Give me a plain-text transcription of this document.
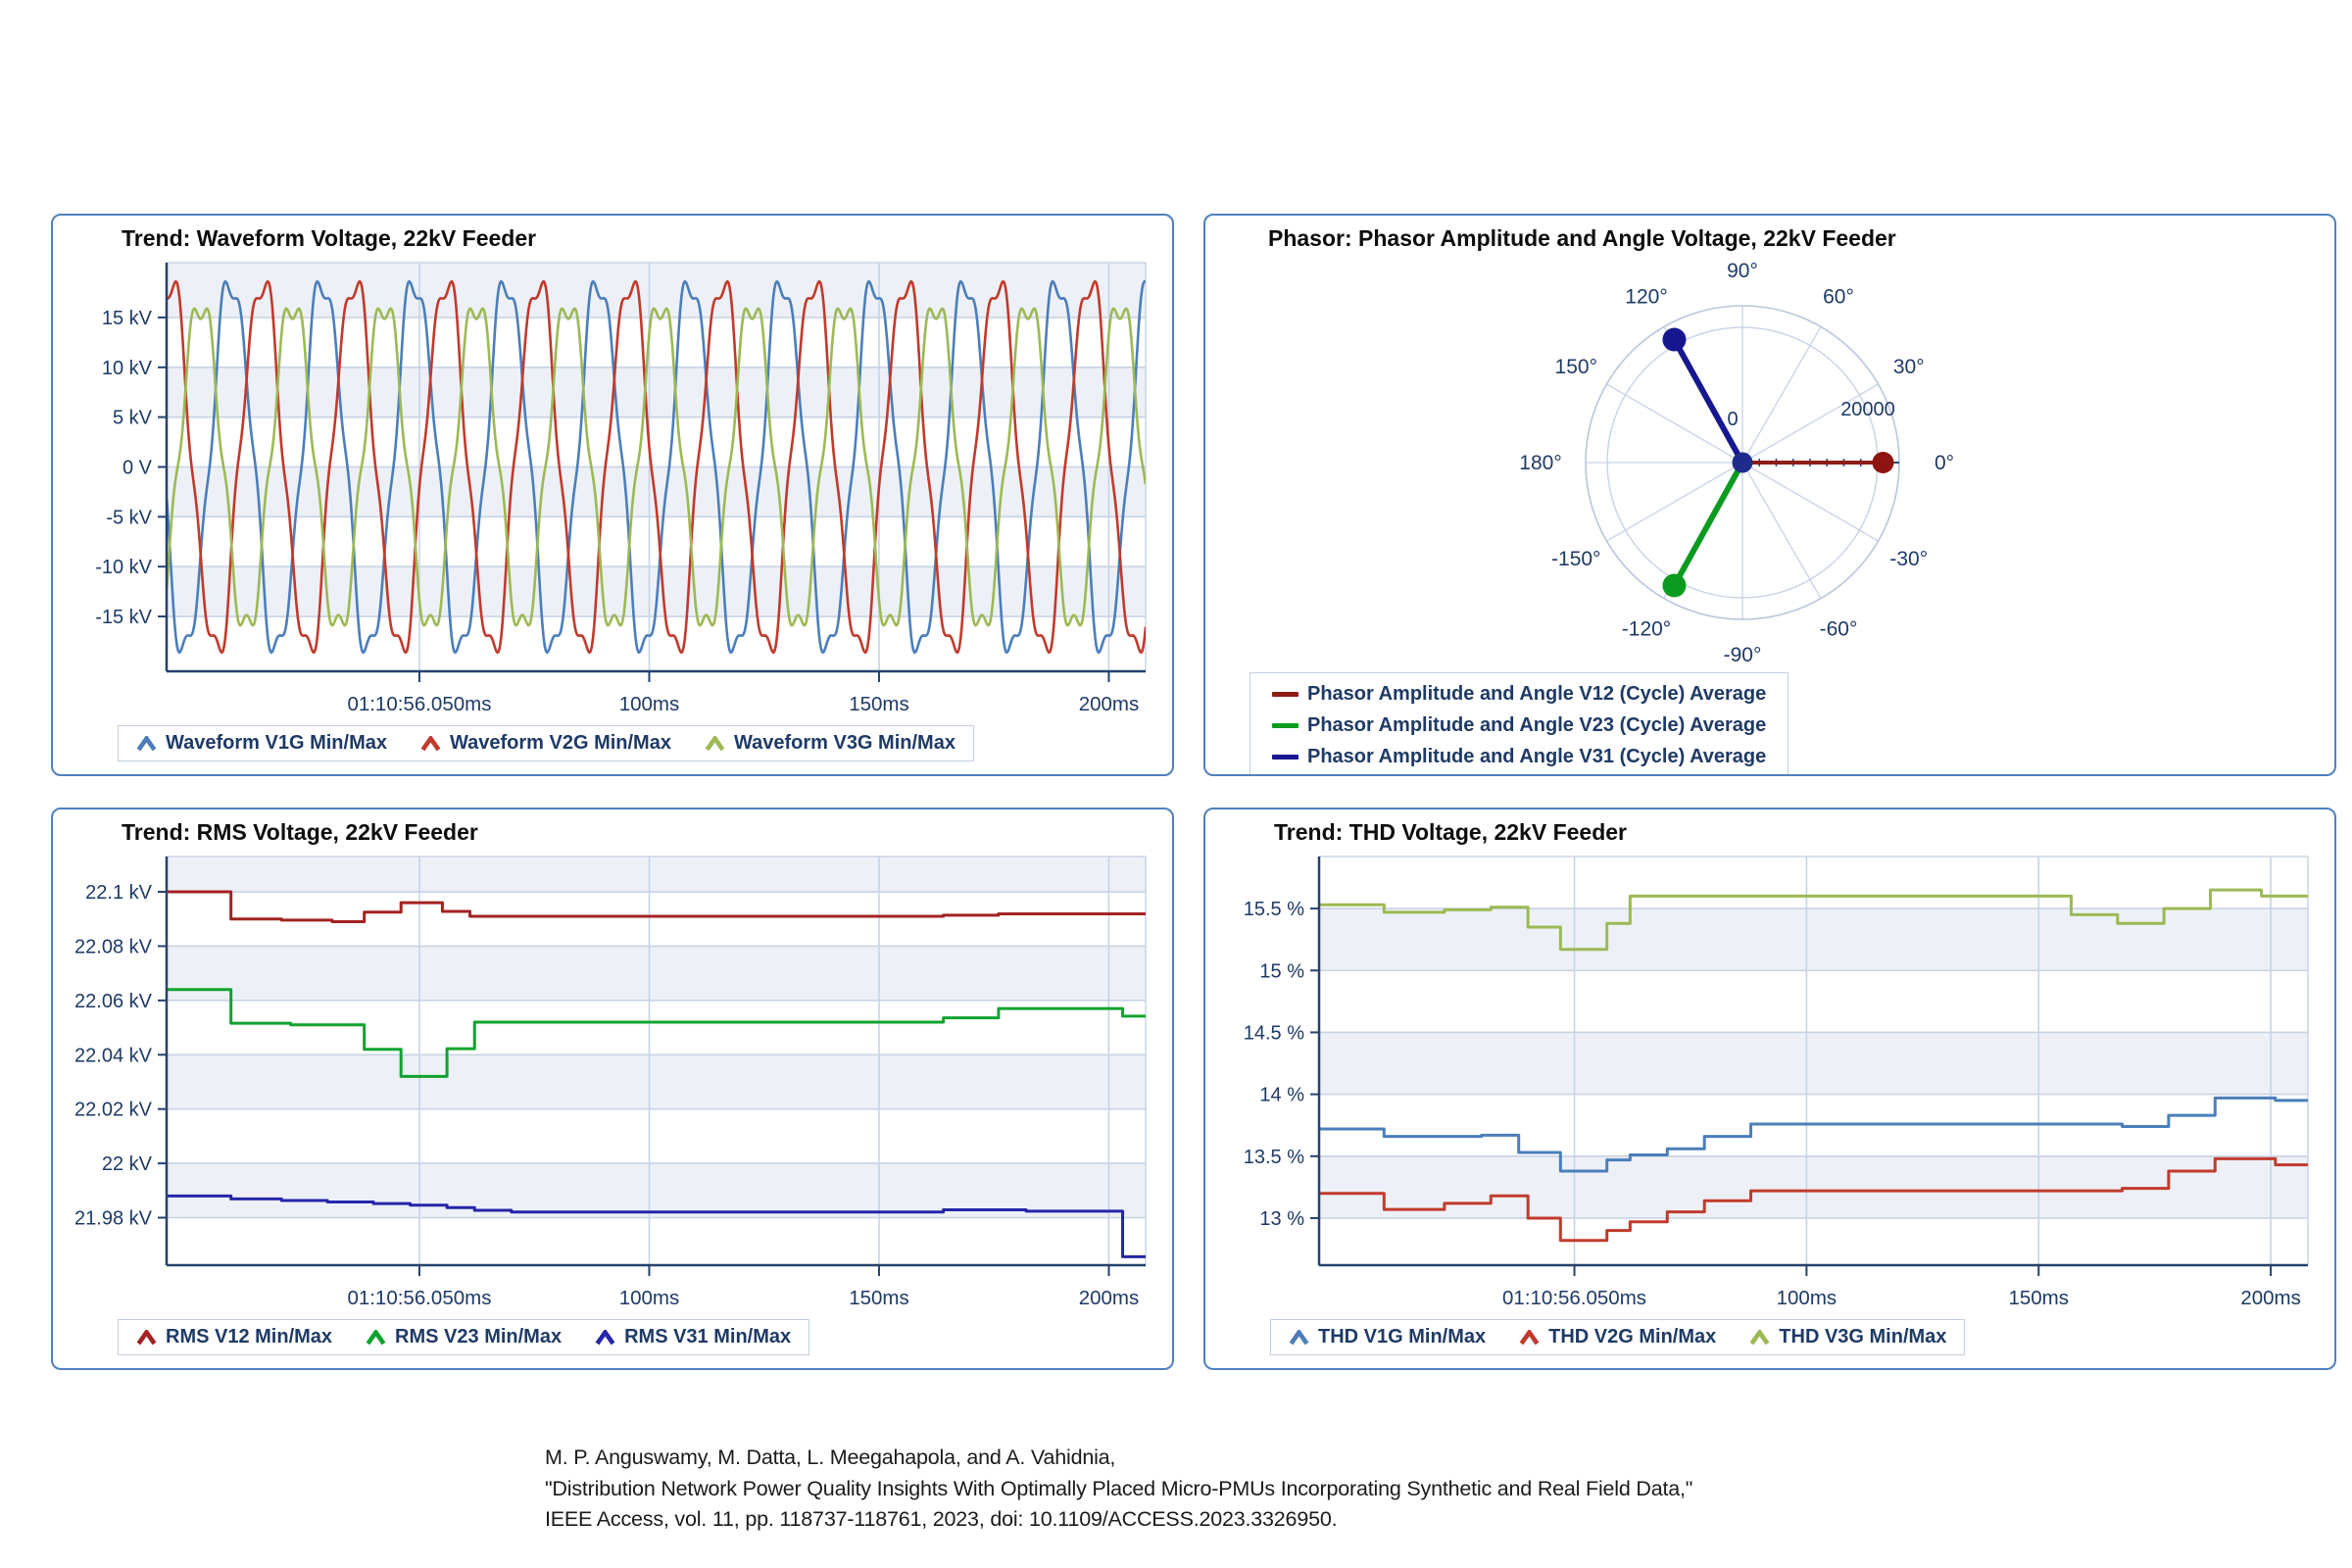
Trend: Waveform Voltage, 22kV Feeder
15 kV
10 kV
5 kV
0 V
-5 kV
-10 kV
-15 kV
01:10:56.050ms	100ms	150ms	200ms
Waveform V1G Min/Max	Waveform V2G Min/Max	Waveform V3G Min/Max
Phasor: Phasor Amplitude and Angle Voltage, 22kV Feeder
0°
30°
60°
90°
120°
150°
180°
-150°
-120°
-90°
-60°
-30°
0	20000
Phasor Amplitude and Angle V12 (Cycle) Average
Phasor Amplitude and Angle V23 (Cycle) Average
Phasor Amplitude and Angle V31 (Cycle) Average
Trend: RMS Voltage, 22kV Feeder
22.1 kV
22.08 kV
22.06 kV
22.04 kV
22.02 kV
22 kV
21.98 kV
01:10:56.050ms	100ms	150ms	200ms
RMS V12 Min/Max	RMS V23 Min/Max	RMS V31 Min/Max
Trend: THD Voltage, 22kV Feeder
15.5 %
15 %
14.5 %
14 %
13.5 %
13 %
01:10:56.050ms	100ms	150ms	200ms
THD V1G Min/Max	THD V2G Min/Max	THD V3G Min/Max
M. P. Anguswamy, M. Datta, L. Meegahapola, and A. Vahidnia,
"Distribution Network Power Quality Insights With Optimally Placed Micro-PMUs Incorporating Synthetic and Real Field Data,"
IEEE Access, vol. 11, pp. 118737-118761, 2023, doi: 10.1109/ACCESS.2023.3326950.
